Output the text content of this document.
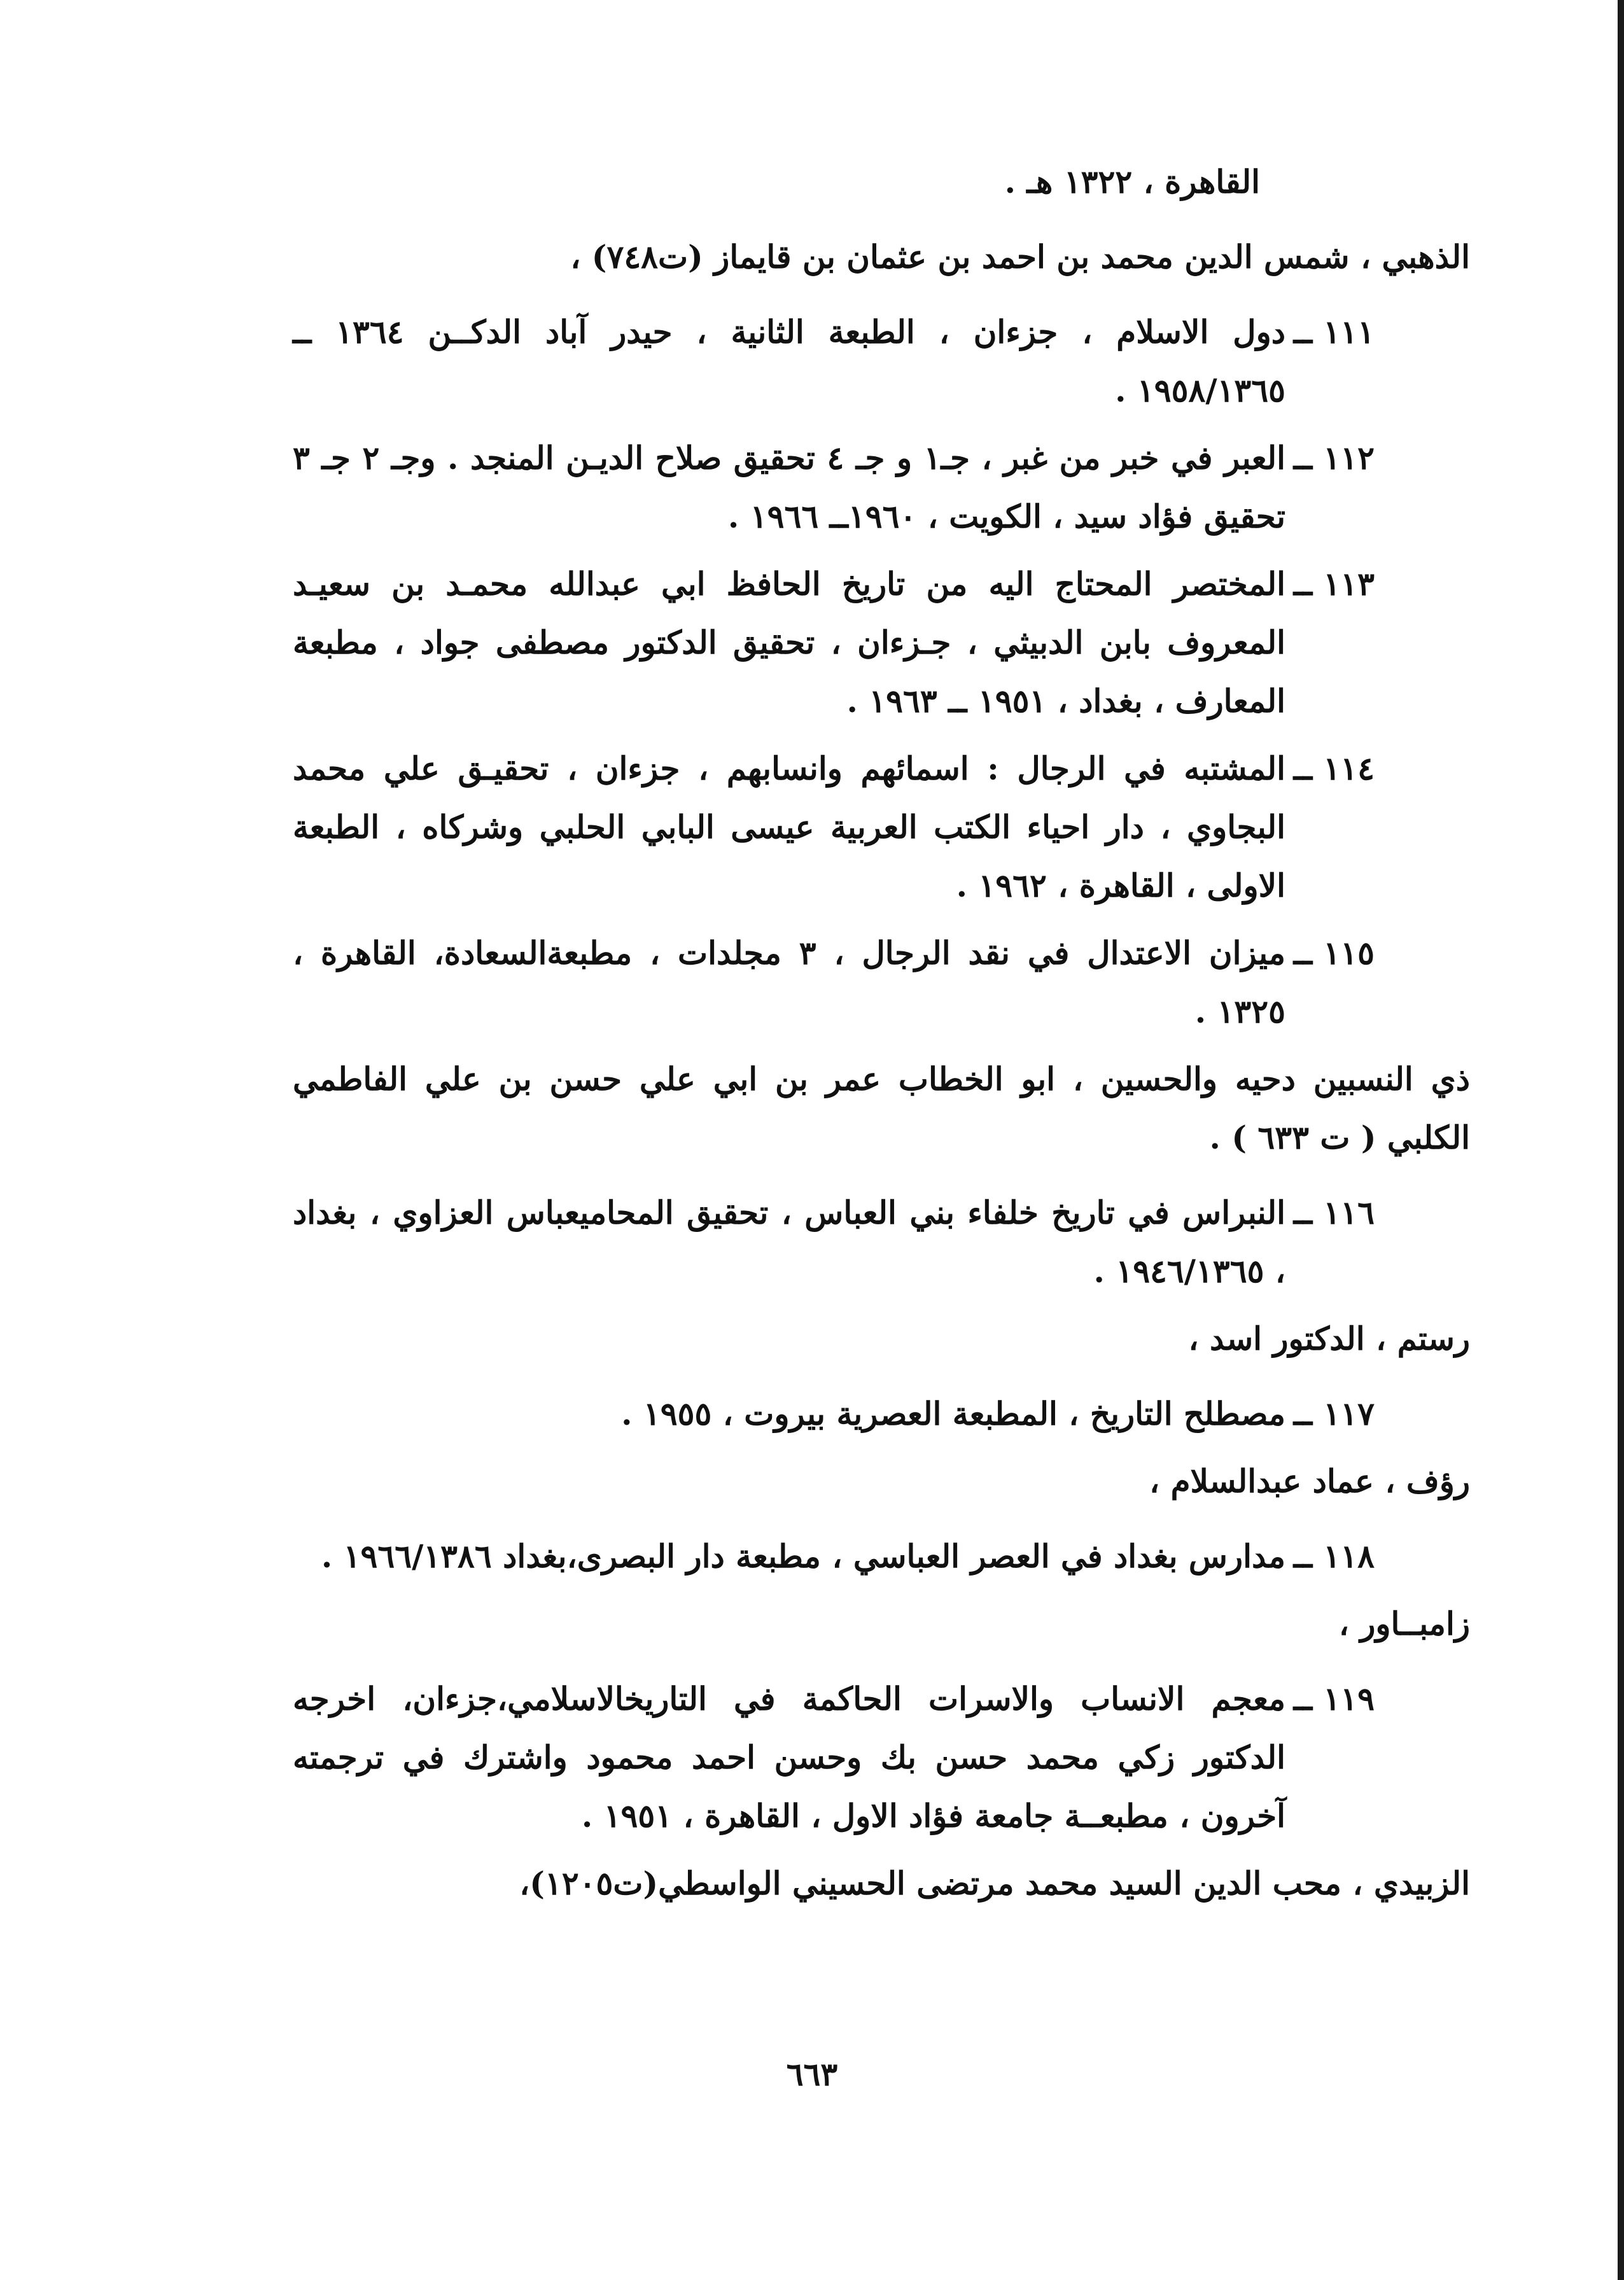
القاهرة ، ١٣٢٢ هـ .
الذهبي ، شمس الدين محمد بن احمد بن عثمان بن قايماز (ت٧٤٨) ،
١١١ ــ
دول الاسلام ، جزءان ، الطبعة الثانية ، حيدر آباد الدكــن ١٣٦٤ ــ ١٩٥٨/١٣٦٥ .
١١٢ ــ
العبر في خبر من غبر ، جـ١ و جـ ٤ تحقيق صلاح الديـن المنجد . وجـ ٢ جـ ٣ تحقيق فؤاد سيد ، الكويت ، ١٩٦٠ــ ١٩٦٦ .
١١٣ ــ
المختصر المحتاج اليه من تاريخ الحافظ ابي عبدالله محمـد بن سعيـد المعروف بابن الدبيثي ، جـزءان ، تحقيق الدكتور مصطفى جواد ، مطبعة المعارف ، بغداد ، ١٩٥١ ــ ١٩٦٣ .
١١٤ ــ
المشتبه في الرجال : اسمائهم وانسابهم ، جزءان ، تحقيـق علي محمد البجاوي ، دار احياء الكتب العربية عيسى البابي الحلبي وشركاه ، الطبعة الاولى ، القاهرة ، ١٩٦٢ .
١١٥ ــ
ميزان الاعتدال في نقد الرجال ، ٣ مجلدات ، مطبعةالسعادة، القاهرة ، ١٣٢٥ .
ذي النسبين دحيه والحسين ، ابو الخطاب عمر بن ابي علي حسن بن علي الفاطمي الكلبي ( ت ٦٣٣ ) .
١١٦ ــ
النبراس في تاريخ خلفاء بني العباس ، تحقيق المحاميعباس العزاوي ، بغداد ، ١٩٤٦/١٣٦٥ .
رستم ، الدكتور اسد ،
١١٧ ــ
مصطلح التاريخ ، المطبعة العصرية بيروت ، ١٩٥٥ .
رؤف ، عماد عبدالسلام ،
١١٨ ــ
مدارس بغداد في العصر العباسي ، مطبعة دار البصرى،بغداد ١٩٦٦/١٣٨٦ .
زامبــاور ،
١١٩ ــ
معجم الانساب والاسرات الحاكمة في التاريخالاسلامي،جزءان، اخرجه الدكتور زكي محمد حسن بك وحسن احمد محمود واشترك في ترجمته آخرون ، مطبعــة جامعة فؤاد الاول ، القاهرة ، ١٩٥١ .
الزبيدي ، محب الدين السيد محمد مرتضى الحسيني الواسطي(ت١٢٠٥)،
٦٦٣
